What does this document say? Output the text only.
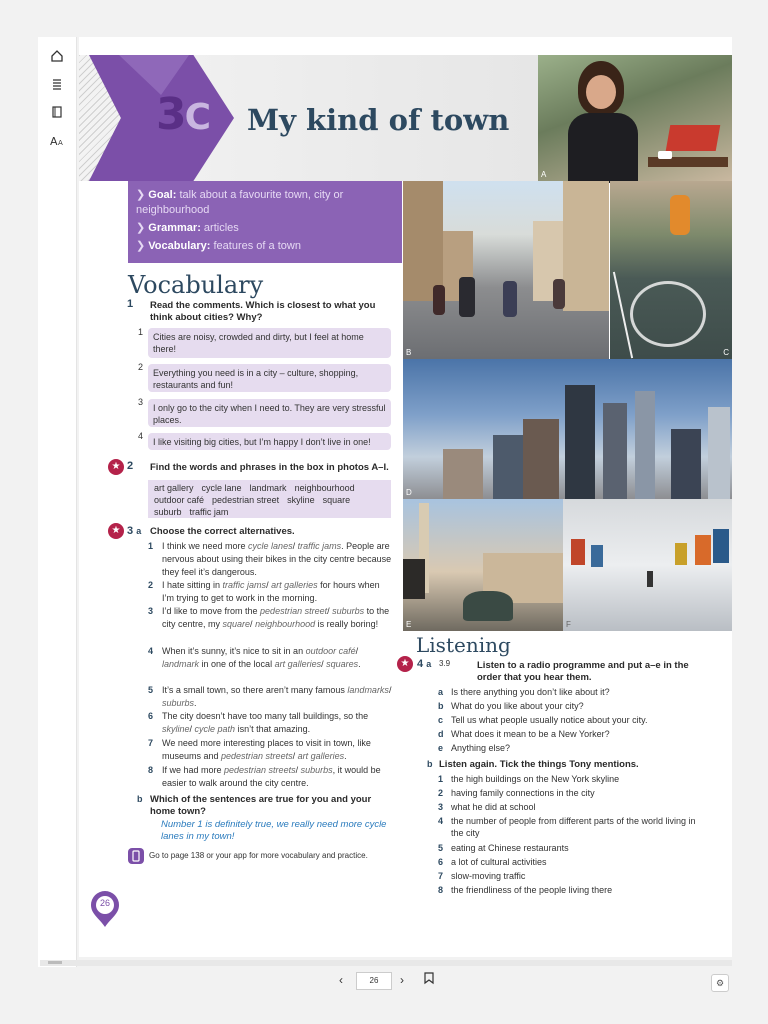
A A
3C My kind of town
A
B	C
D
E	F
❯ Goal: talk about a favourite town, city or neighbourhood
❯ Grammar: articles
❯ Vocabulary: features of a town
Vocabulary
1 Read the comments. Which is closest to what you think about cities? Why?
1	Cities are noisy, crowded and dirty, but I feel at home there!
2
Everything you need is in a city – culture, shopping, restaurants and fun!
3
I only go to the city when I need to. They are very stressful places.
4
I like visiting big cities, but I’m happy I don’t live in one!
★ 2 Find the words and phrases in the box in photos A–I.
art gallery cycle lane landmark neighbourhoodoutdoor café pedestrian street skyline squaresuburb traffic jam
★ 3 a Choose the correct alternatives.
1 I think we need more cycle lanes/ traffic jams. People are nervous about using their bikes in the city centre because they feel it’s dangerous.
2 I hate sitting in traffic jams/ art galleries for hours when I’m trying to get to work in the morning.
3 I’d like to move from the pedestrian street/ suburbs to the city centre, my square/ neighbourhood is really boring!
4 When it’s sunny, it’s nice to sit in an outdoor café/ landmark in one of the local art galleries/ squares.
5 It’s a small town, so there aren’t many famous landmarks/ suburbs.
6 The city doesn’t have too many tall buildings, so the skyline/ cycle path isn’t that amazing.
7 We need more interesting places to visit in town, like museums and pedestrian streets/ art galleries.
8 If we had more pedestrian streets/ suburbs, it would be easier to walk around the city centre.
b Which of the sentences are true for you and your home town?
Number 1 is definitely true, we really need more cycle lanes in my town!
Go to page 138 or your app for more vocabulary and practice.
Listening
★ 4 a 3.9	Listen to a radio programme and put a–e in the order that you hear them.
a Is there anything you don’t like about it?
b What do you like about your city?
c Tell us what people usually notice about your city.
d What does it mean to be a New Yorker?
e Anything else?
b Listen again. Tick the things Tony mentions.
1 the high buildings on the New York skyline
2 having family connections in the city
3 what he did at school
4 the number of people from different parts of the world living in the city
5 eating at Chinese restaurants
6 a lot of cultural activities
7 slow-moving traffic
8 the friendliness of the people living there
26
⚙
‹
26	›
